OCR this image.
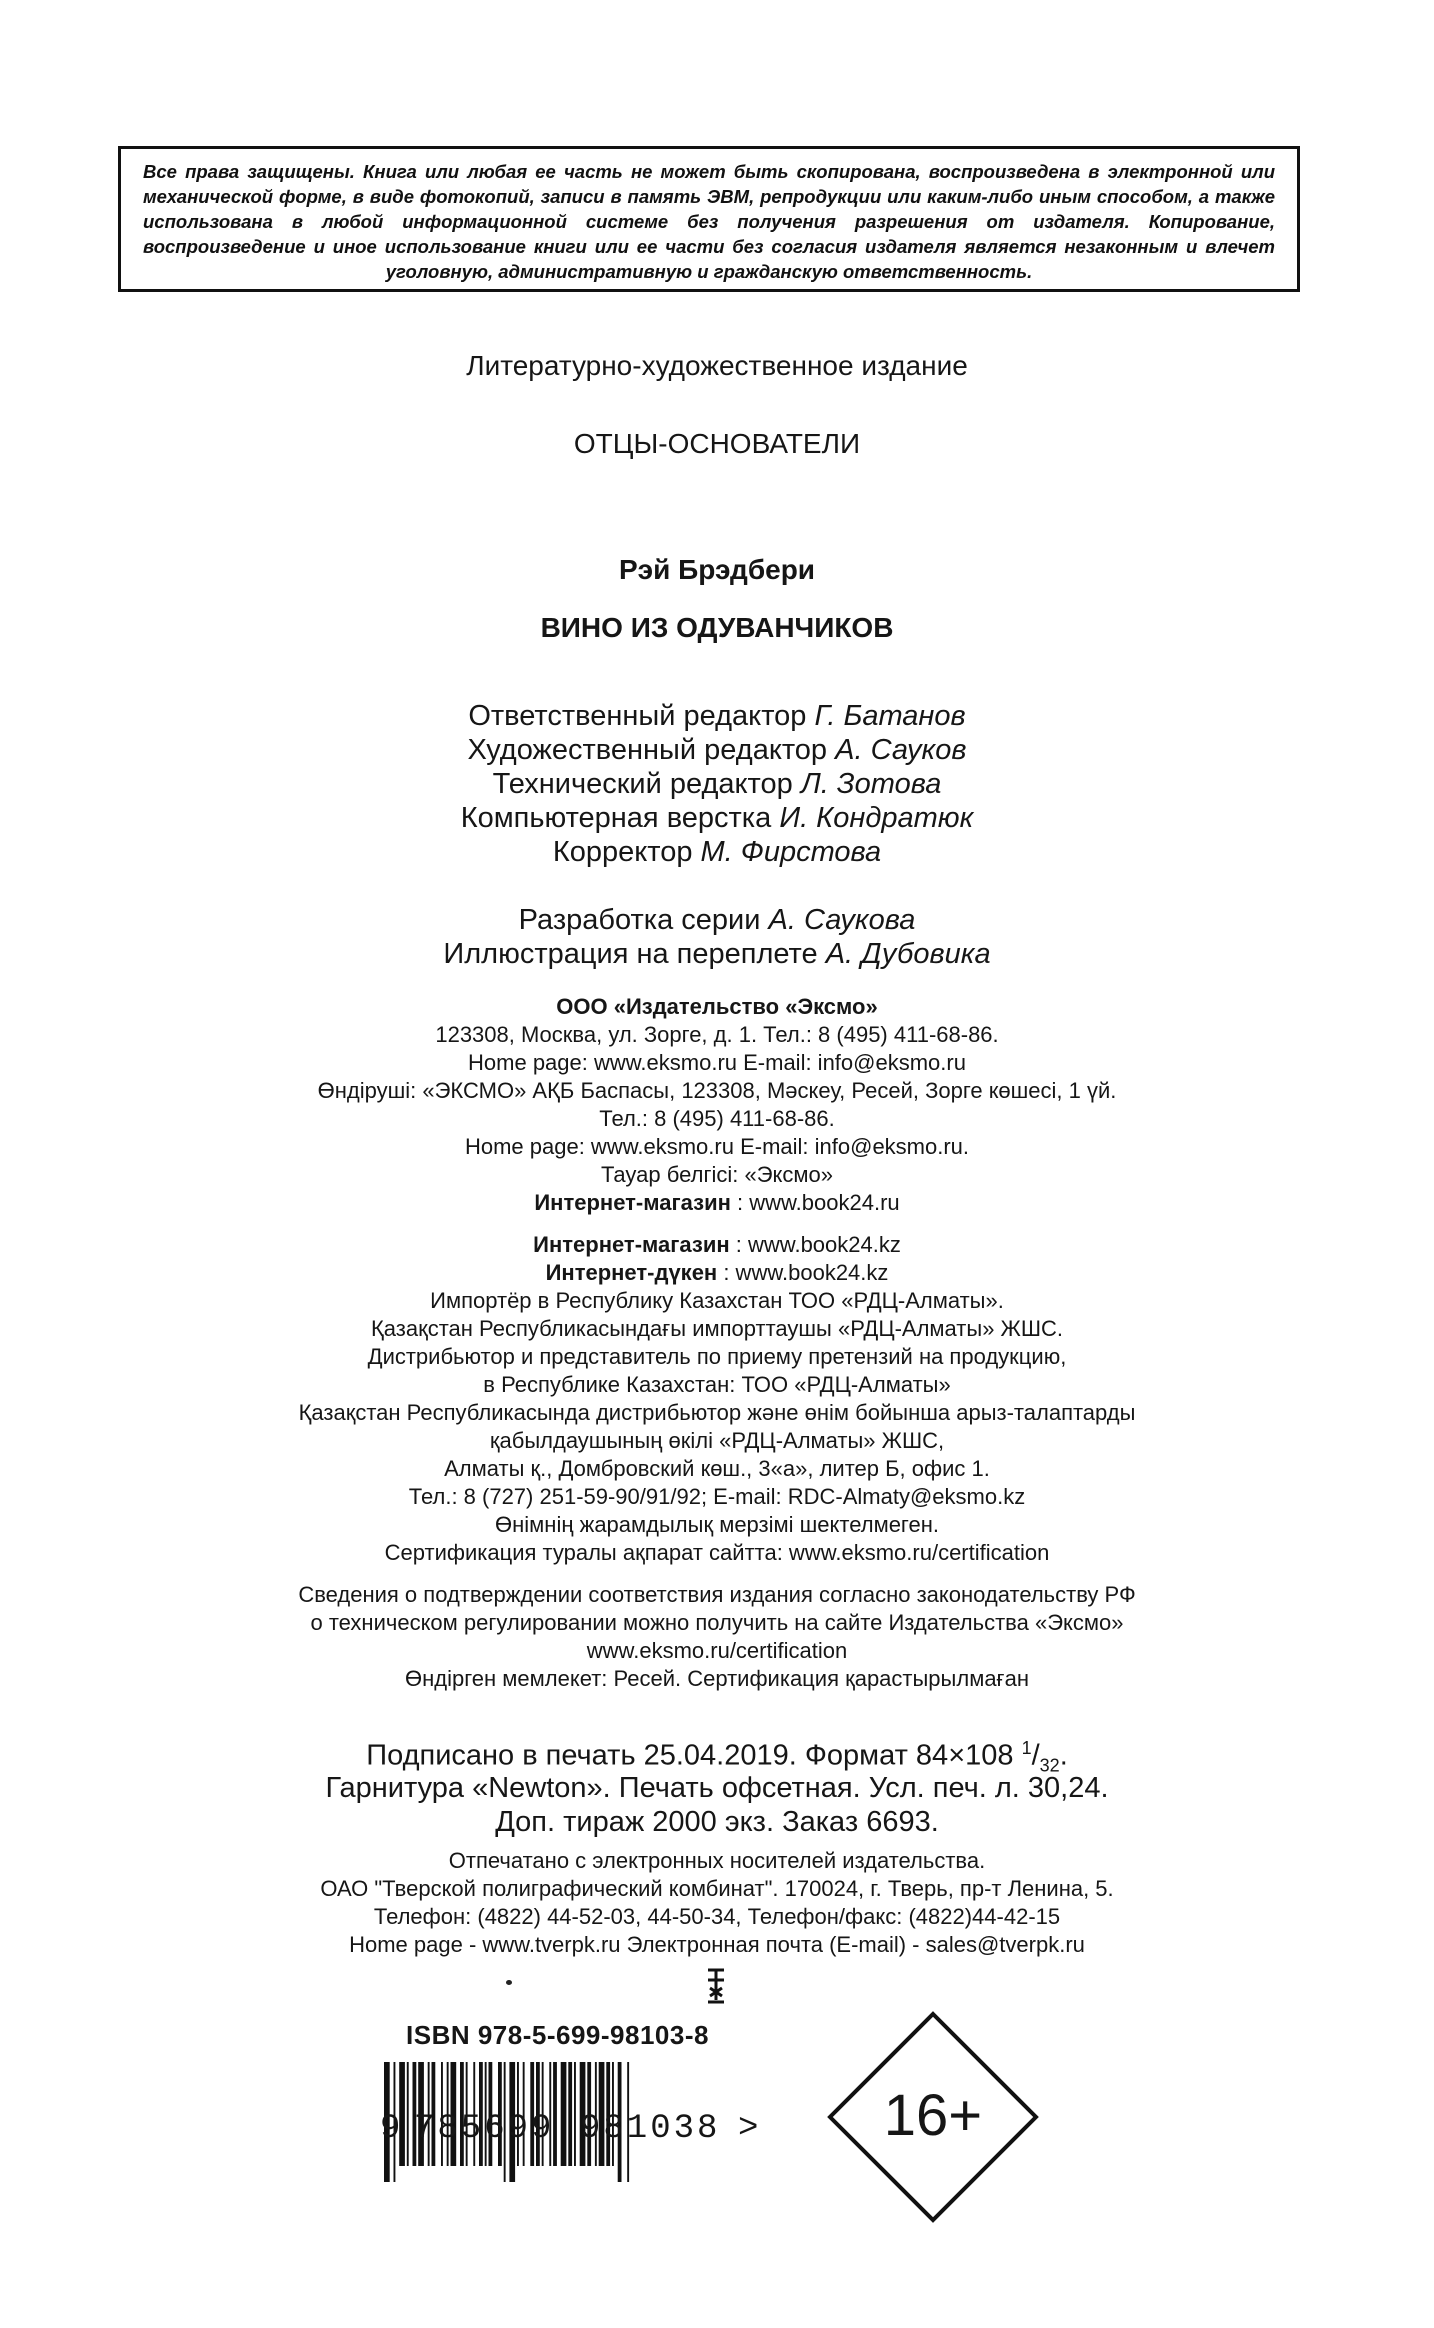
Все права защищены. Книга или любая ее часть не может быть скопирована, воспроизведена в электронной или механической форме, в виде фотокопий, записи в память ЭВМ, репродукции или каким-либо иным способом, а также использована в любой информационной системе без получения разрешения от издателя. Копирование, воспроизведение и иное использование книги или ее части без согласия издателя является незаконным и влечет уголовную, административную и гражданскую ответственность.
Литературно-художественное издание
ОТЦЫ-ОСНОВАТЕЛИ
Рэй Брэдбери
ВИНО ИЗ ОДУВАНЧИКОВ
Ответственный редактор Г. Батанов
Художественный редактор А. Сауков
Технический редактор Л. Зотова
Компьютерная верстка И. Кондратюк
Корректор М. Фирстова
Разработка серии А. Саукова
Иллюстрация на переплете А. Дубовика
ООО «Издательство «Эксмо»
123308, Москва, ул. Зорге, д. 1. Тел.: 8 (495) 411-68-86.
Home page: www.eksmo.ru E-mail: info@eksmo.ru
Өндіруші: «ЭКСМО» АҚБ Баспасы, 123308, Мәскеу, Ресей, Зорге көшесі, 1 үй.
Тел.: 8 (495) 411-68-86.
Home page: www.eksmo.ru E-mail: info@eksmo.ru.
Тауар белгісі: «Эксмо»
Интернет-магазин : www.book24.ru
Интернет-магазин : www.book24.kz
Интернет-дүкен : www.book24.kz
Импортёр в Республику Казахстан ТОО «РДЦ-Алматы».
Қазақстан Республикасындағы импорттаушы «РДЦ-Алматы» ЖШС.
Дистрибьютор и представитель по приему претензий на продукцию,
в Республике Казахстан: ТОО «РДЦ-Алматы»
Қазақстан Республикасында дистрибьютор және өнім бойынша арыз-талаптарды
қабылдаушының өкілі «РДЦ-Алматы» ЖШС,
Алматы қ., Домбровский көш., 3«а», литер Б, офис 1.
Тел.: 8 (727) 251-59-90/91/92; E-mail: RDC-Almaty@eksmo.kz
Өнімнің жарамдылық мерзімі шектелмеген.
Сертификация туралы ақпарат сайтта: www.eksmo.ru/certification
Сведения о подтверждении соответствия издания согласно законодательству РФ
о техническом регулировании можно получить на сайте Издательства «Эксмо»
www.eksmo.ru/certification
Өндірген мемлекет: Ресей. Сертификация қарастырылмаған
Подписано в печать 25.04.2019. Формат 84×108 $^1/_{32}$.
Гарнитура «Newton». Печать офсетная. Усл. печ. л. 30,24.
Доп. тираж 2000 экз. Заказ 6693.
Отпечатано с электронных носителей издательства.
ОАО "Тверской полиграфический комбинат". 170024, г. Тверь, пр-т Ленина, 5.
Телефон: (4822) 44-52-03, 44-50-34, Телефон/факс: (4822)44-42-15
Home page - www.tverpk.ru Электронная почта (E-mail) - sales@tverpk.ru
ISBN 978-5-699-98103-8
9 785699 981038 >	16+
